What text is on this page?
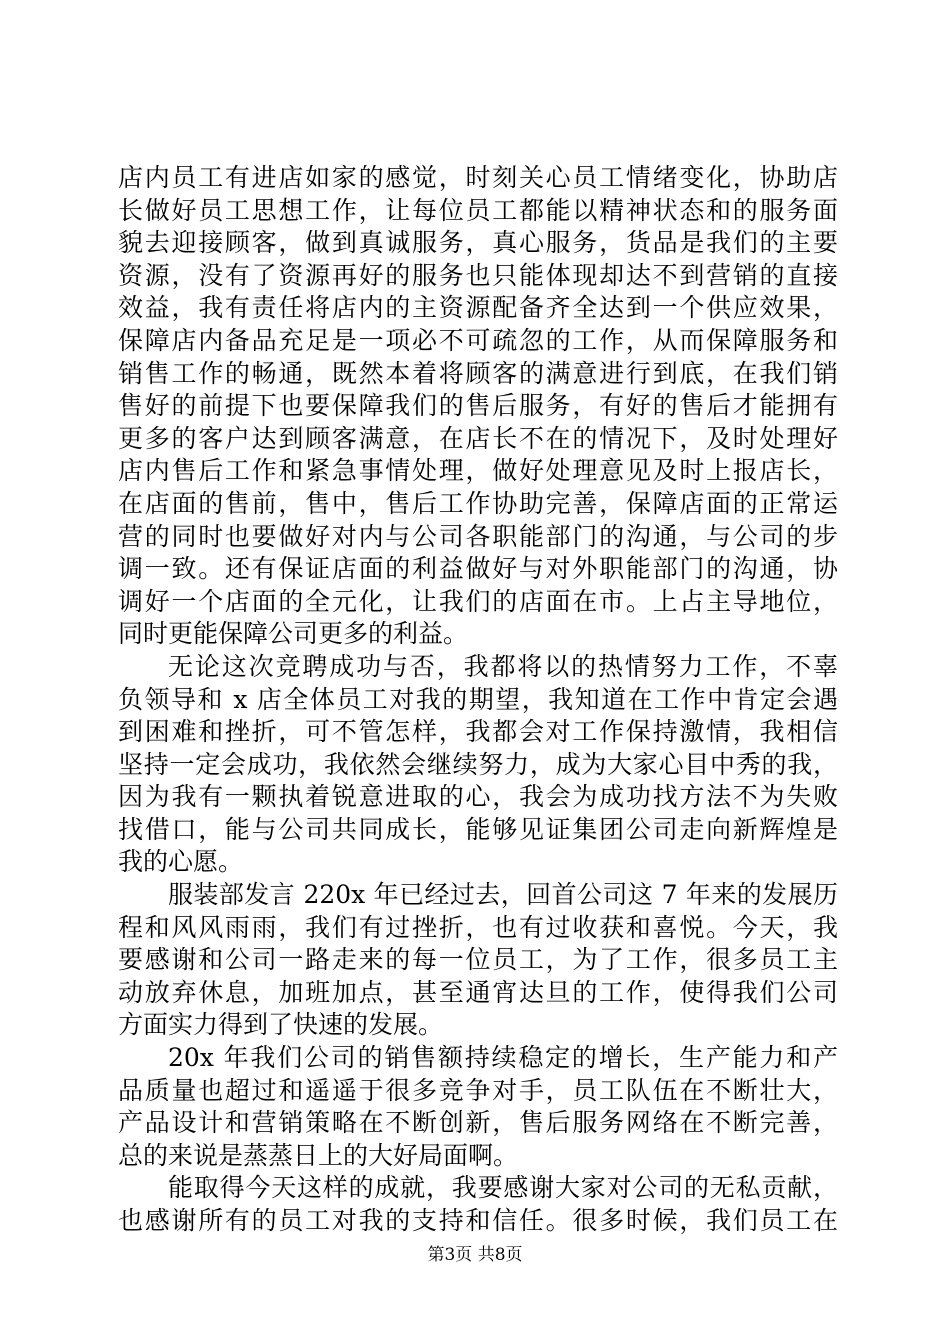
店内员工有进店如家的感觉，时刻关心员工情绪变化，协助店
长做好员工思想工作，让每位员工都能以精神状态和的服务面
貌去迎接顾客，做到真诚服务，真心服务，货品是我们的主要
资源，没有了资源再好的服务也只能体现却达不到营销的直接
效益，我有责任将店内的主资源配备齐全达到一个供应效果，
保障店内备品充足是一项必不可疏忽的工作，从而保障服务和
销售工作的畅通，既然本着将顾客的满意进行到底，在我们销
售好的前提下也要保障我们的售后服务，有好的售后才能拥有
更多的客户达到顾客满意，在店长不在的情况下，及时处理好
店内售后工作和紧急事情处理，做好处理意见及时上报店长，
在店面的售前，售中，售后工作协助完善，保障店面的正常运
营的同时也要做好对内与公司各职能部门的沟通，与公司的步
调一致。还有保证店面的利益做好与对外职能部门的沟通，协
调好一个店面的全元化，让我们的店面在市。上占主导地位，
同时更能保障公司更多的利益。
无论这次竞聘成功与否，我都将以的热情努力工作，不辜
负领导和 x 店全体员工对我的期望，我知道在工作中肯定会遇
到困难和挫折，可不管怎样，我都会对工作保持激情，我相信
坚持一定会成功，我依然会继续努力，成为大家心目中秀的我，
因为我有一颗执着锐意进取的心，我会为成功找方法不为失败
找借口，能与公司共同成长，能够见证集团公司走向新辉煌是
我的心愿。
服装部发言 220x 年已经过去，回首公司这 7 年来的发展历
程和风风雨雨，我们有过挫折，也有过收获和喜悦。今天，我
要感谢和公司一路走来的每一位员工，为了工作，很多员工主
动放弃休息，加班加点，甚至通宵达旦的工作，使得我们公司
方面实力得到了快速的发展。
20x 年我们公司的销售额持续稳定的增长，生产能力和产
品质量也超过和遥遥于很多竞争对手，员工队伍在不断壮大，
产品设计和营销策略在不断创新，售后服务网络在不断完善，
总的来说是蒸蒸日上的大好局面啊。
能取得今天这样的成就，我要感谢大家对公司的无私贡献，
也感谢所有的员工对我的支持和信任。很多时候，我们员工在
第3页 共8页
